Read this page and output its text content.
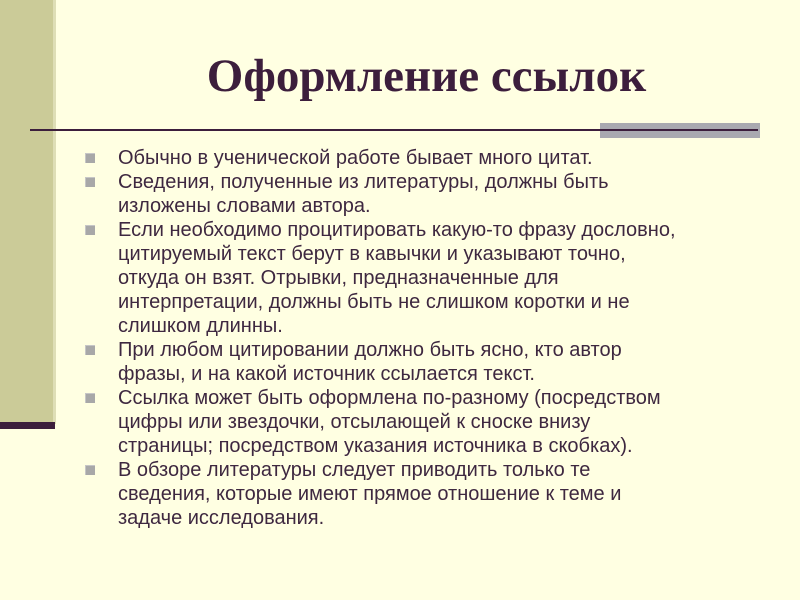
Оформление ссылок
Обычно в ученической работе бывает много цитат.
Сведения, полученные из литературы, должны быть
изложены словами автора.
Если необходимо процитировать какую-то фразу дословно,
цитируемый текст берут в кавычки и указывают точно,
откуда он взят. Отрывки, предназначенные для
интерпретации, должны быть не слишком коротки и не
слишком длинны.
При любом цитировании должно быть ясно, кто автор
фразы, и на какой источник ссылается текст.
Ссылка может быть оформлена по-разному (посредством
цифры или звездочки, отсылающей к сноске внизу
страницы; посредством указания источника в скобках).
В обзоре литературы следует приводить только те
сведения, которые имеют прямое отношение к теме и
задаче исследования.
